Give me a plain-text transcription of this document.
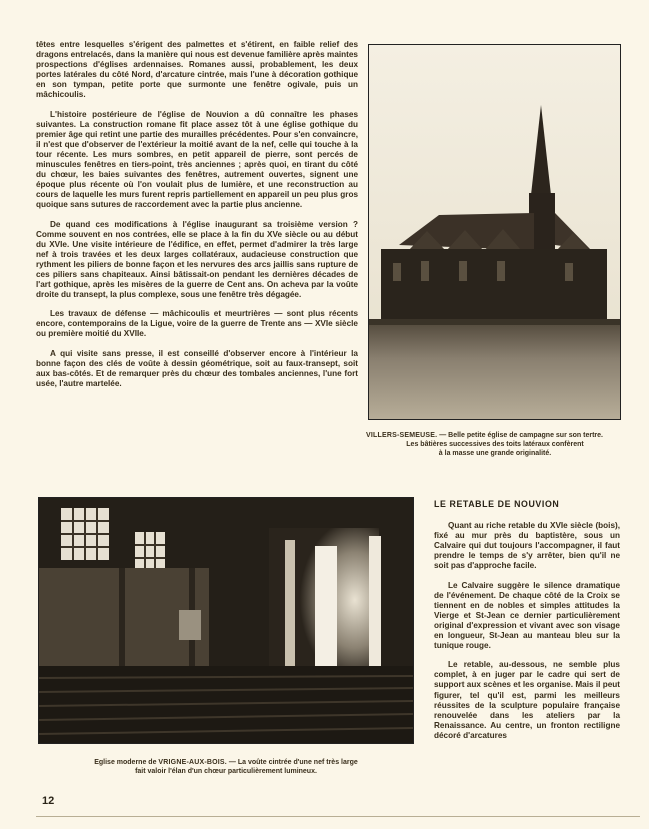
têtes entre lesquelles s'érigent des palmettes et s'étirent, en faible relief des dragons entrelacés, dans la manière qui nous est devenue familière après maintes prospections d'églises ardennaises. Romanes aussi, probablement, les deux portes latérales du côté Nord, d'arcature cintrée, mais l'une à décoration gothique en son tympan, petite porte que surmonte une fenêtre ogivale, puis un mâchicoulis.

L'histoire postérieure de l'église de Nouvion a dû connaître les phases suivantes. La construction romane fit place assez tôt à une église gothique du premier âge qui retint une partie des murailles précédentes. Pour s'en convaincre, il n'est que d'observer de l'extérieur la moitié avant de la nef, celle qui touche à la tour récente. Les murs sombres, en petit appareil de pierre, sont percés de minuscules fenêtres en tiers-point, très anciennes ; après quoi, en tirant du côté du chœur, les baies suivantes des fenêtres, autrement ouvertes, signent une époque plus récente où l'on voulait plus de lumière, et une reconstruction au cours de laquelle les murs furent repris partiellement en appareil un peu plus gros quoique sans sutures de raccordement avec la partie plus ancienne.

De quand ces modifications à l'église inaugurant sa troisième version ? Comme souvent en nos contrées, elle se place à la fin du XVe siècle ou au début du XVIe. Une visite intérieure de l'édifice, en effet, permet d'admirer la très large nef à trois travées et les deux larges collatéraux, audacieuse construction que rythment les piliers de bonne façon et les nervures des arcs jaillis sans rupture de ces piliers sans chapiteaux. Ainsi bâtissait-on pendant les dernières décades de l'art gothique, après les misères de la guerre de Cent ans. On acheva par la voûte droite du transept, la plus complexe, sous une fenêtre très dégagée.

Les travaux de défense — mâchicoulis et meurtrières — sont plus récents encore, contemporains de la Ligue, voire de la guerre de Trente ans — XVIe siècle ou première moitié du XVIIe.

A qui visite sans presse, il est conseillé d'observer encore à l'intérieur la bonne façon des clés de voûte à dessin géométrique, soit au faux-transept, soit aux bas-côtés. Et de remarquer près du chœur des tombales anciennes, l'une fort usée, l'autre martelée.

VILLERS-SEMEUSE. — Belle petite église de campagne sur son tertre.
Les bâtières successives des toits latéraux confèrent
à la masse une grande originalité.
Eglise moderne de VRIGNE-AUX-BOIS. — La voûte cintrée d'une nef très large
fait valoir l'élan d'un chœur particulièrement lumineux.
LE RETABLE DE NOUVION

Quant au riche retable du XVIe siècle (bois), fixé au mur près du baptistère, sous un Calvaire qui dut toujours l'accompagner, il faut prendre le temps de s'y arrêter, bien qu'il ne soit pas d'approche facile.

Le Calvaire suggère le silence dramatique de l'événement. De chaque côté de la Croix se tiennent en de nobles et simples attitudes la Vierge et St-Jean ce dernier particulièrement original d'expression et vivant avec son visage en longueur, St-Jean au manteau bleu sur la tunique rouge.

Le retable, au-dessous, ne semble plus complet, à en juger par le cadre qui sert de support aux scènes et les organise. Mais il peut figurer, tel qu'il est, parmi les meilleurs réussites de la sculpture populaire française renouvelée dans les ateliers par la Renaissance. Au centre, un fronton rectiligne décoré d'arcatures

12
